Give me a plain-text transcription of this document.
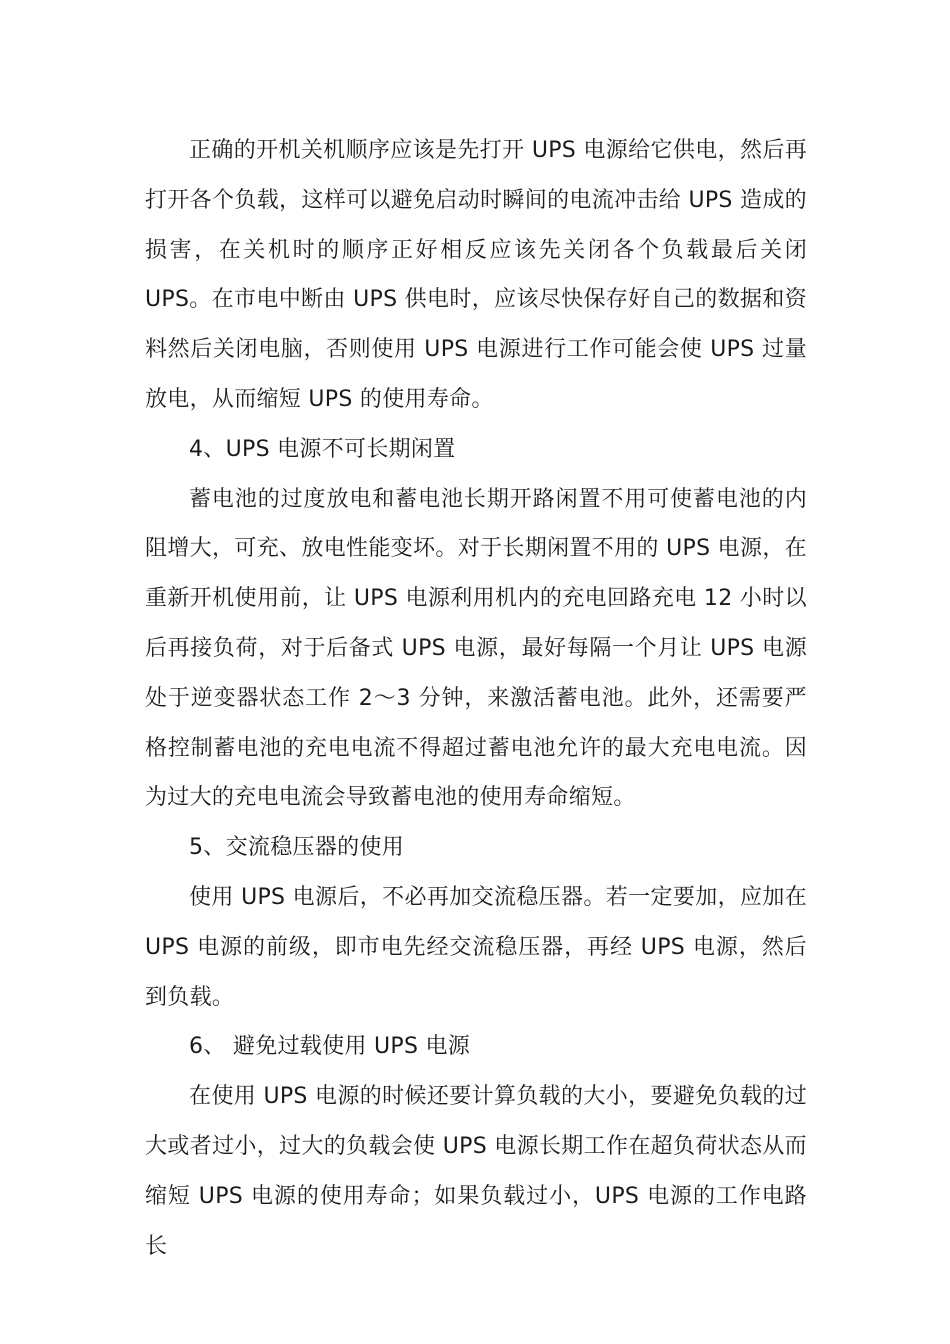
正确的开机关机顺序应该是先打开 UPS 电源给它供电，然后再打开各个负载，这样可以避免启动时瞬间的电流冲击给 UPS 造成的损害，在关机时的顺序正好相反应该先关闭各个负载最后关闭UPS。在市电中断由 UPS 供电时，应该尽快保存好自己的数据和资料然后关闭电脑，否则使用 UPS 电源进行工作可能会使 UPS 过量放电，从而缩短 UPS 的使用寿命。

4、UPS 电源不可长期闲置

蓄电池的过度放电和蓄电池长期开路闲置不用可使蓄电池的内阻增大，可充、放电性能变坏。对于长期闲置不用的 UPS 电源，在重新开机使用前，让 UPS 电源利用机内的充电回路充电 12 小时以后再接负荷，对于后备式 UPS 电源，最好每隔一个月让 UPS 电源处于逆变器状态工作 2～3 分钟，来激活蓄电池。此外，还需要严格控制蓄电池的充电电流不得超过蓄电池允许的最大充电电流。因为过大的充电电流会导致蓄电池的使用寿命缩短。

5、交流稳压器的使用

使用 UPS 电源后，不必再加交流稳压器。若一定要加，应加在UPS 电源的前级，即市电先经交流稳压器，再经 UPS 电源，然后到负载。

6、 避免过载使用 UPS 电源

在使用 UPS 电源的时候还要计算负载的大小，要避免负载的过大或者过小，过大的负载会使 UPS 电源长期工作在超负荷状态从而缩短 UPS 电源的使用寿命；如果负载过小，UPS 电源的工作电路长
